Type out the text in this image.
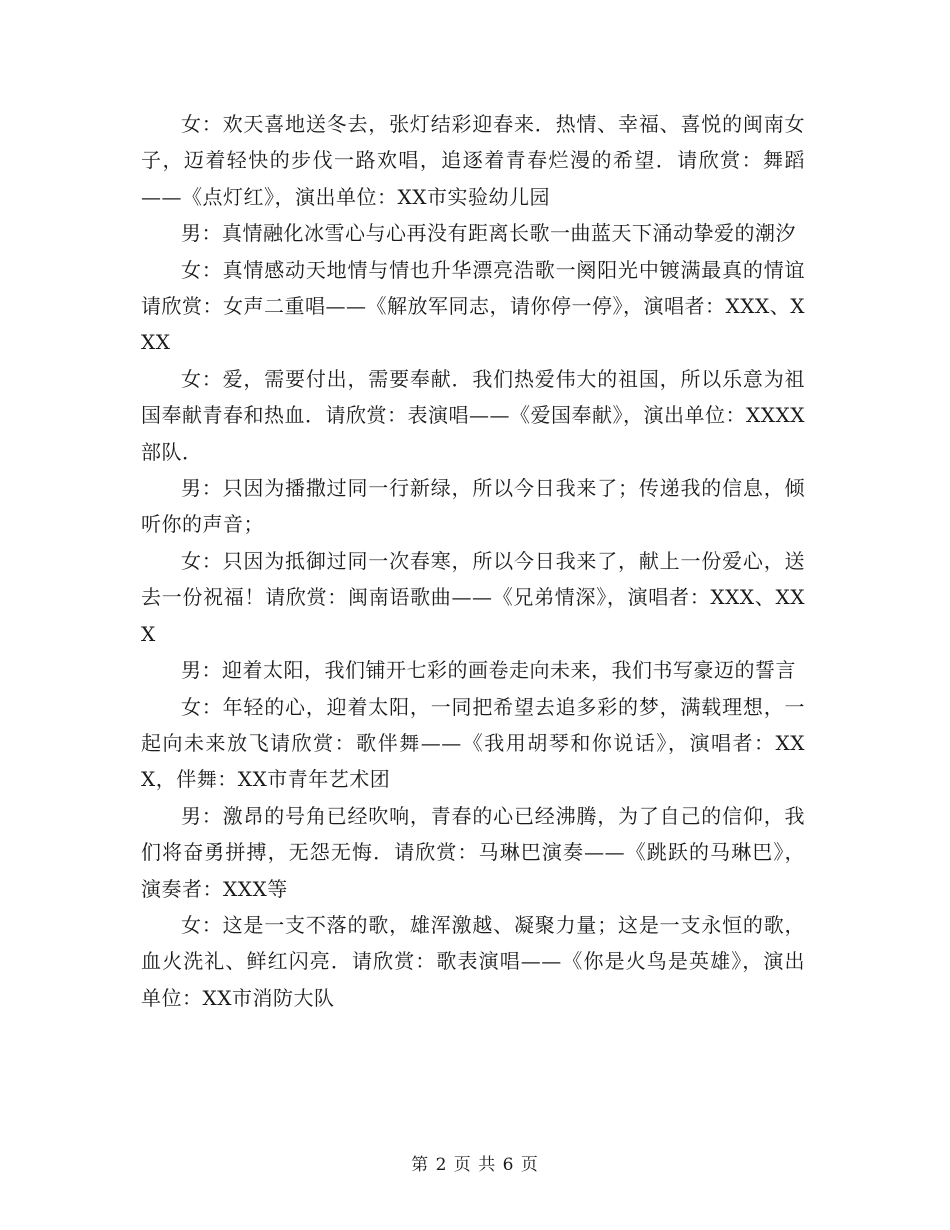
女：欢天喜地送冬去，张灯结彩迎春来．热情、幸福、喜悦的闽南女子，迈着轻快的步伐一路欢唱，追逐着青春烂漫的希望．请欣赏：舞蹈——《点灯红》，演出单位：XX市实验幼儿园

男：真情融化冰雪心与心再没有距离长歌一曲蓝天下涌动挚爱的潮汐

女：真情感动天地情与情也升华漂亮浩歌一阕阳光中镀满最真的情谊请欣赏：女声二重唱——《解放军同志，请你停一停》，演唱者：XXX、XXX

女：爱，需要付出，需要奉献．我们热爱伟大的祖国，所以乐意为祖国奉献青春和热血．请欣赏：表演唱——《爱国奉献》，演出单位：XXXX部队．

男：只因为播撒过同一行新绿，所以今日我来了；传递我的信息，倾听你的声音；

女：只因为抵御过同一次春寒，所以今日我来了，献上一份爱心，送去一份祝福！请欣赏：闽南语歌曲——《兄弟情深》，演唱者：XXX、XXX

男：迎着太阳，我们铺开七彩的画卷走向未来，我们书写豪迈的誓言

女：年轻的心，迎着太阳，一同把希望去追多彩的梦，满载理想，一起向未来放飞请欣赏：歌伴舞——《我用胡琴和你说话》，演唱者：XXX，伴舞：XX市青年艺术团

男：激昂的号角已经吹响，青春的心已经沸腾，为了自己的信仰，我们将奋勇拼搏，无怨无悔．请欣赏：马琳巴演奏——《跳跃的马琳巴》，演奏者：XXX等

女：这是一支不落的歌，雄浑激越、凝聚力量；这是一支永恒的歌，血火洗礼、鲜红闪亮．请欣赏：歌表演唱——《你是火鸟是英雄》，演出单位：XX市消防大队

第 2 页 共 6 页
